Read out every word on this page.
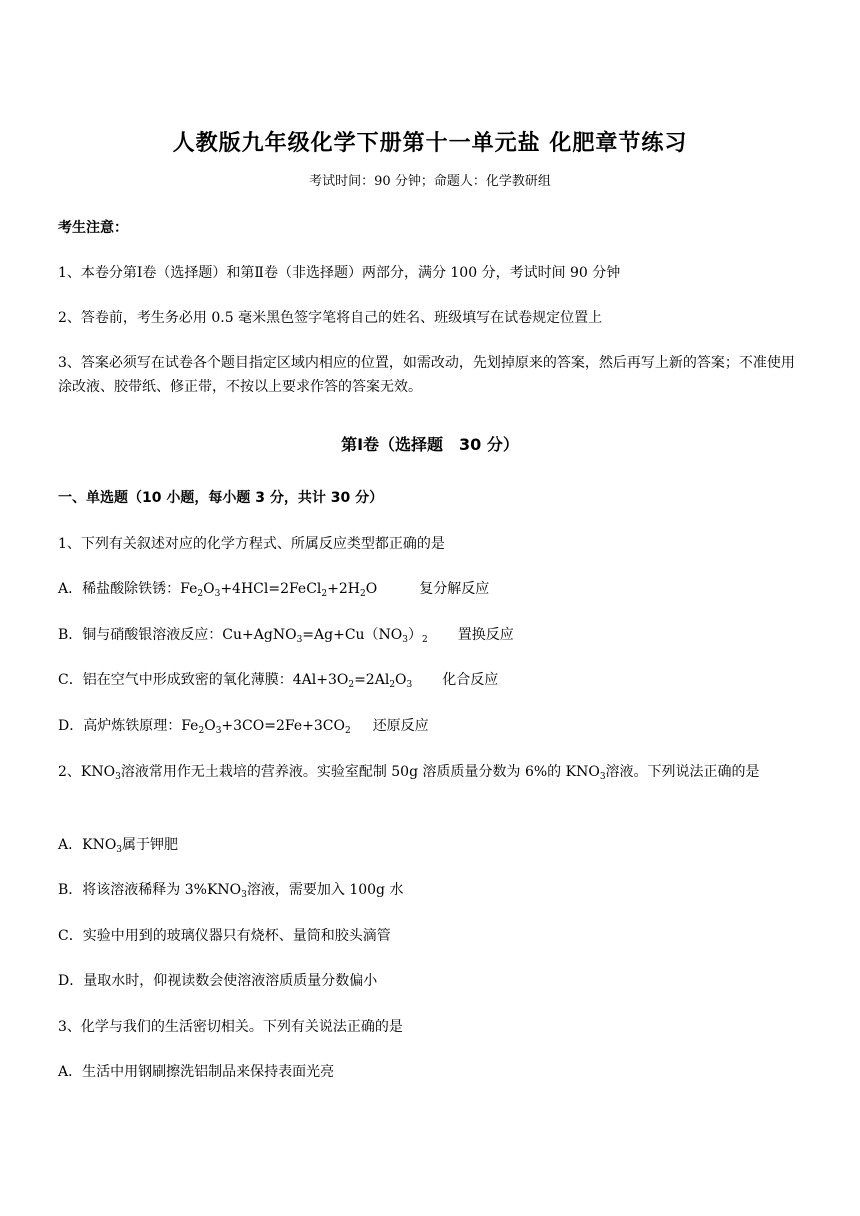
人教版九年级化学下册第十一单元盐 化肥章节练习
考试时间：90 分钟；命题人：化学教研组
考生注意：
1、本卷分第Ⅰ卷（选择题）和第Ⅱ卷（非选择题）两部分，满分 100 分，考试时间 90 分钟
2、答卷前，考生务必用 0.5 毫米黑色签字笔将自己的姓名、班级填写在试卷规定位置上
3、答案必须写在试卷各个题目指定区域内相应的位置，如需改动，先划掉原来的答案，然后再写上新的答案；不准使用涂改液、胶带纸、修正带，不按以上要求作答的答案无效。
第Ⅰ卷（选择题　30 分）
一、单选题（10 小题，每小题 3 分，共计 30 分）
1、下列有关叙述对应的化学方程式、所属反应类型都正确的是
A．稀盐酸除铁锈：$Fe_2O_3+4HCl=2FeCl_2+2H_2O$	复分解反应
B．铜与硝酸银溶液反应：$Cu+AgNO_3=Ag+Cu(NO_3)_2$ 置换反应
C．铝在空气中形成致密的氧化薄膜：$4Al+3O_2=2Al_2O_3$ 化合反应
D．高炉炼铁原理：$Fe_2O_3+3CO=2Fe+3CO_2$ 还原反应
2、$KNO_3$溶液常用作无土栽培的营养液。实验室配制 50g 溶质质量分数为 6%的 $KNO_3$溶液。下列说法正确的是
A．$KNO_3$属于钾肥
B．将该溶液稀释为 $3\%KNO_3$溶液，需要加入 100g 水
C．实验中用到的玻璃仪器只有烧杯、量筒和胶头滴管
D．量取水时，仰视读数会使溶液溶质质量分数偏小
3、化学与我们的生活密切相关。下列有关说法正确的是
A．生活中用钢刷擦洗铝制品来保持表面光亮
